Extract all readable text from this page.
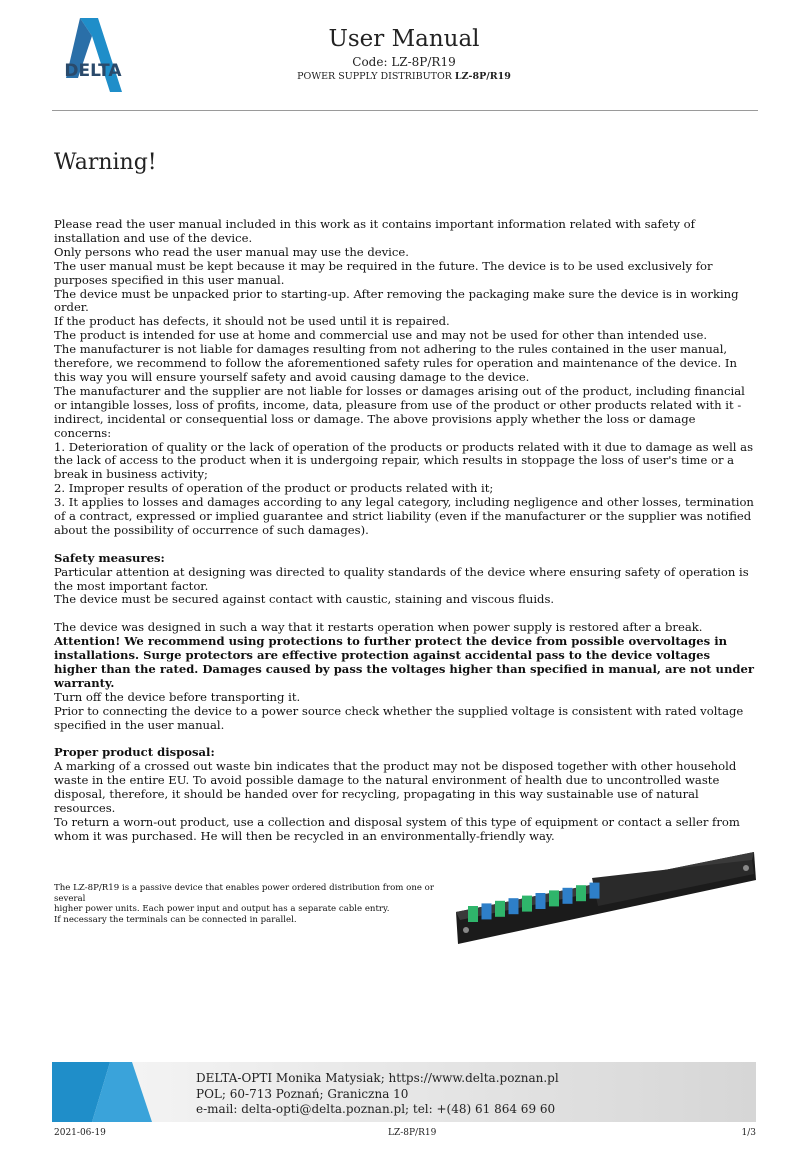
DELTA
User Manual
Code: LZ-8P/R19
POWER SUPPLY DISTRIBUTOR LZ-8P/R19
Warning!

Please read the user manual included in this work as it contains important information related with safety of installation and use of the device.

Only persons who read the user manual may use the device.

The user manual must be kept because it may be required in the future. The device is to be used exclusively for purposes specified in this user manual.

The device must be unpacked prior to starting-up. After removing the packaging make sure the device is in working order.

If the product has defects, it should not be used until it is repaired.

The product is intended for use at home and commercial use and may not be used for other than intended use.

The manufacturer is not liable for damages resulting from not adhering to the rules contained in the user manual, therefore, we recommend to follow the aforementioned safety rules for operation and maintenance of the device. In this way you will ensure yourself safety and avoid causing damage to the device.

The manufacturer and the supplier are not liable for losses or damages arising out of the product, including financial or intangible losses, loss of profits, income, data, pleasure from use of the product or other products related with it - indirect, incidental or consequential loss or damage. The above provisions apply whether the loss or damage concerns:

1. Deterioration of quality or the lack of operation of the products or products related with it due to damage as well as the lack of access to the product when it is undergoing repair, which results in stoppage the loss of user's time or a break in business activity;

2. Improper results of operation of the product or products related with it;

3. It applies to losses and damages according to any legal category, including negligence and other losses, termination of a contract, expressed or implied guarantee and strict liability (even if the manufacturer or the supplier was notified about the possibility of occurrence of such damages).

Safety measures:

Particular attention at designing was directed to quality standards of the device where ensuring safety of operation is the most important factor.

The device must be secured against contact with caustic, staining and viscous fluids.

The device was designed in such a way that it restarts operation when power supply is restored after a break.

Attention! We recommend using protections to further protect the device from possible overvoltages in installations. Surge protectors are effective protection against accidental pass to the device voltages higher than the rated. Damages caused by pass the voltages higher than specified in manual, are not under warranty.

Turn off the device before transporting it.

Prior to connecting the device to a power source check whether the supplied voltage is consistent with rated voltage specified in the user manual.

Proper product disposal:

A marking of a crossed out waste bin indicates that the product may not be disposed together with other household waste in the entire EU. To avoid possible damage to the natural environment of health due to uncontrolled waste disposal, therefore, it should be handed over for recycling, propagating in this way sustainable use of natural resources.

To return a worn-out product, use a collection and disposal system of this type of equipment or contact a seller from whom it was purchased. He will then be recycled in an environmentally-friendly way.

The LZ-8P/R19 is a passive device that enables power ordered distribution from one or several

higher power units. Each power input and output has a separate cable entry.

If necessary the terminals can be connected in parallel.

DELTA-OPTI Monika Matysiak; https://www.delta.poznan.pl

POL; 60-713 Poznań; Graniczna 10

e-mail: delta-opti@delta.poznan.pl; tel: +(48) 61 864 69 60

2021-06-19	LZ-8P/R19	1/3
